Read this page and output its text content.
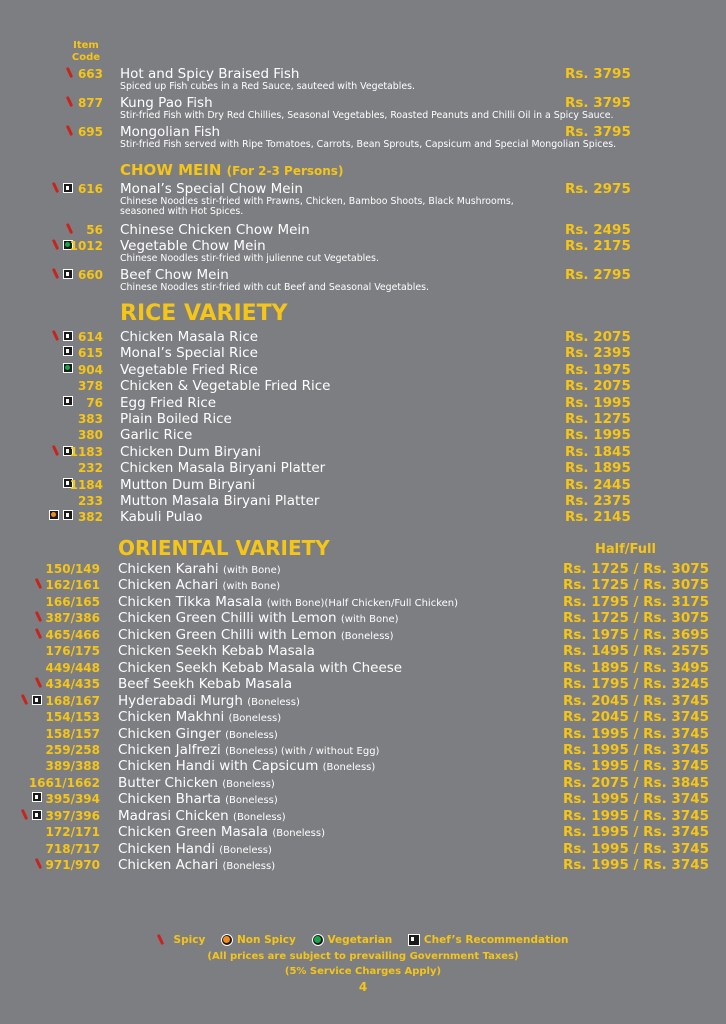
Item
Code
663 Hot and Spicy Braised Fish	Rs. 3795
Spiced up Fish cubes in a Red Sauce, sauteed with Vegetables.
877 Kung Pao Fish	Rs. 3795
Stir-fried Fish with Dry Red Chillies, Seasonal Vegetables, Roasted Peanuts and Chilli Oil in a Spicy Sauce.
695 Mongolian Fish	Rs. 3795
Stir-fried Fish served with Ripe Tomatoes, Carrots, Bean Sprouts, Capsicum and Special Mongolian Spices.
CHOW MEIN (For 2-3 Persons)
616 Monal’s Special Chow Mein	Rs. 2975
Chinese Noodles stir-fried with Prawns, Chicken, Bamboo Shoots, Black Mushrooms,
seasoned with Hot Spices.
56 Chinese Chicken Chow Mein	Rs. 2495
1012 Vegetable Chow Mein	Rs. 2175
Chinese Noodles stir-fried with julienne cut Vegetables.
660 Beef Chow Mein	Rs. 2795
Chinese Noodles stir-fried with cut Beef and Seasonal Vegetables.
RICE VARIETY
614 Chicken Masala Rice	Rs. 2075
615 Monal’s Special Rice	Rs. 2395
904 Vegetable Fried Rice	Rs. 1975
378 Chicken & Vegetable Fried Rice	Rs. 2075
76 Egg Fried Rice	Rs. 1995
383 Plain Boiled Rice	Rs. 1275
380 Garlic Rice	Rs. 1995
1183 Chicken Dum Biryani	Rs. 1845
232 Chicken Masala Biryani Platter	Rs. 1895
1184 Mutton Dum Biryani	Rs. 2445
233 Mutton Masala Biryani Platter	Rs. 2375
382 Kabuli Pulao	Rs. 2145
ORIENTAL VARIETY	Half/Full
150/149 Chicken Karahi (with Bone)	Rs. 1725 / Rs. 3075
162/161 Chicken Achari (with Bone)	Rs. 1725 / Rs. 3075
166/165 Chicken Tikka Masala (with Bone)(Half Chicken/Full Chicken)	Rs. 1795 / Rs. 3175
387/386 Chicken Green Chilli with Lemon (with Bone)	Rs. 1725 / Rs. 3075
465/466 Chicken Green Chilli with Lemon (Boneless)	Rs. 1975 / Rs. 3695
176/175 Chicken Seekh Kebab Masala	Rs. 1495 / Rs. 2575
449/448 Chicken Seekh Kebab Masala with Cheese	Rs. 1895 / Rs. 3495
434/435 Beef Seekh Kebab Masala	Rs. 1795 / Rs. 3245
168/167 Hyderabadi Murgh (Boneless)	Rs. 2045 / Rs. 3745
154/153 Chicken Makhni (Boneless)	Rs. 2045 / Rs. 3745
158/157 Chicken Ginger (Boneless)	Rs. 1995 / Rs. 3745
259/258 Chicken Jalfrezi (Boneless) (with / without Egg)	Rs. 1995 / Rs. 3745
389/388 Chicken Handi with Capsicum (Boneless)	Rs. 1995 / Rs. 3745
1661/1662 Butter Chicken (Boneless)	Rs. 2075 / Rs. 3845
395/394 Chicken Bharta (Boneless)	Rs. 1995 / Rs. 3745
397/396 Madrasi Chicken (Boneless)	Rs. 1995 / Rs. 3745
172/171 Chicken Green Masala (Boneless)	Rs. 1995 / Rs. 3745
718/717 Chicken Handi (Boneless)	Rs. 1995 / Rs. 3745
971/970 Chicken Achari (Boneless)	Rs. 1995 / Rs. 3745
Spicy
	Non Spicy
	Vegetarian
	Chef’s Recommendation
(All prices are subject to prevailing Government Taxes)
(5% Service Charges Apply)
4
